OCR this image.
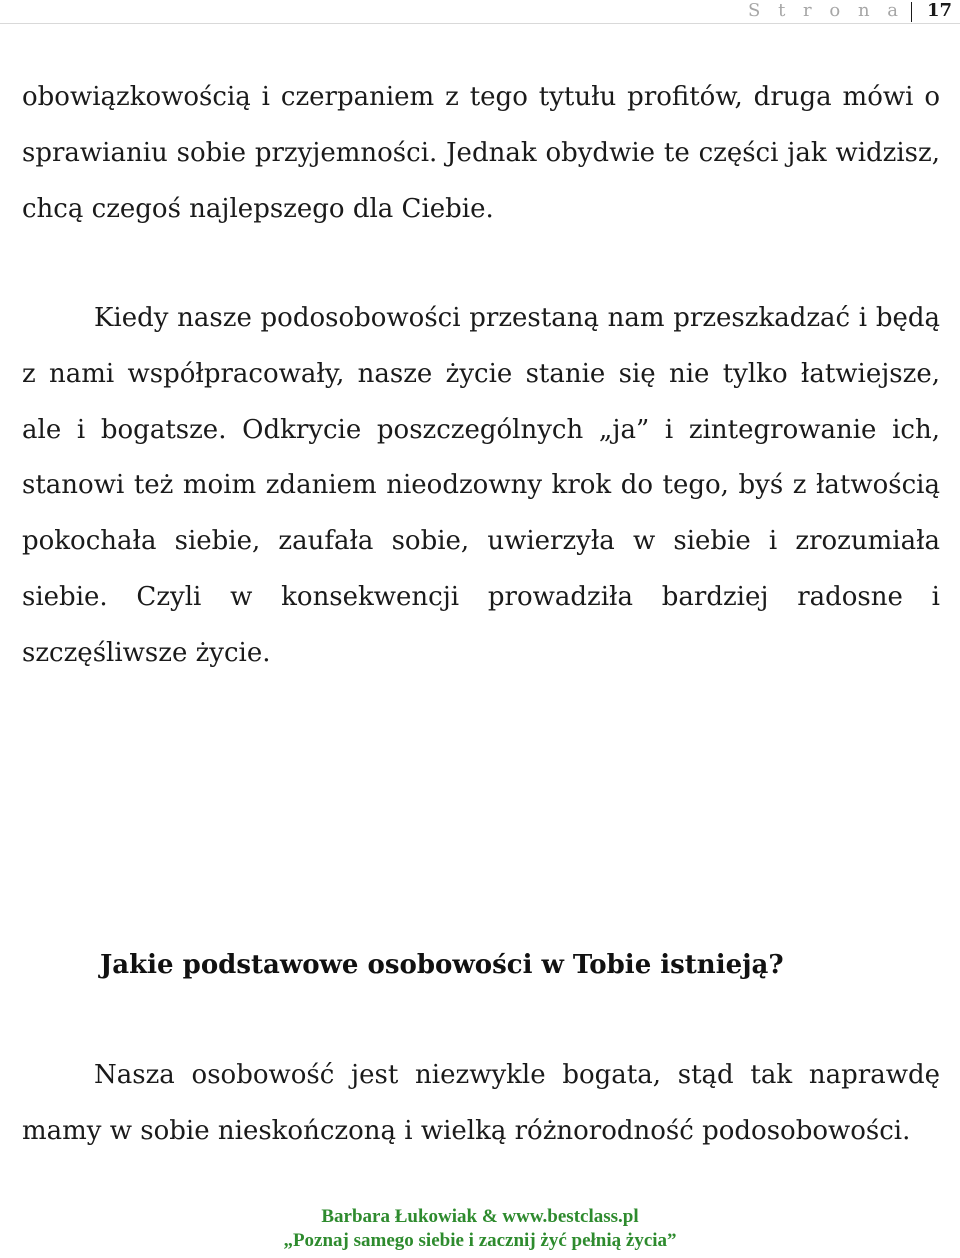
S t r o n a 17
obowiązkowością i czerpaniem z tego tytułu profitów, druga mówi o sprawianiu sobie przyjemności. Jednak obydwie te części jak widzisz, chcą czegoś najlepszego dla Ciebie.
Kiedy nasze podosobowości przestaną nam przeszkadzać i będą z nami współpracowały, nasze życie stanie się nie tylko łatwiejsze, ale i bogatsze. Odkrycie poszczególnych „ja” i zintegrowanie ich, stanowi też moim zdaniem nieodzowny krok do tego, byś z łatwością pokochała siebie, zaufała sobie, uwierzyła w siebie i zrozumiała siebie. Czyli w konsekwencji prowadziła bardziej radosne i szczęśliwsze życie.
Jakie podstawowe osobowości w Tobie istnieją?
Nasza osobowość jest niezwykle bogata, stąd tak naprawdę mamy w sobie nieskończoną i wielką różnorodność podosobowości.
Barbara Łukowiak & www.bestclass.pl
„Poznaj samego siebie i zacznij żyć pełnią życia”
